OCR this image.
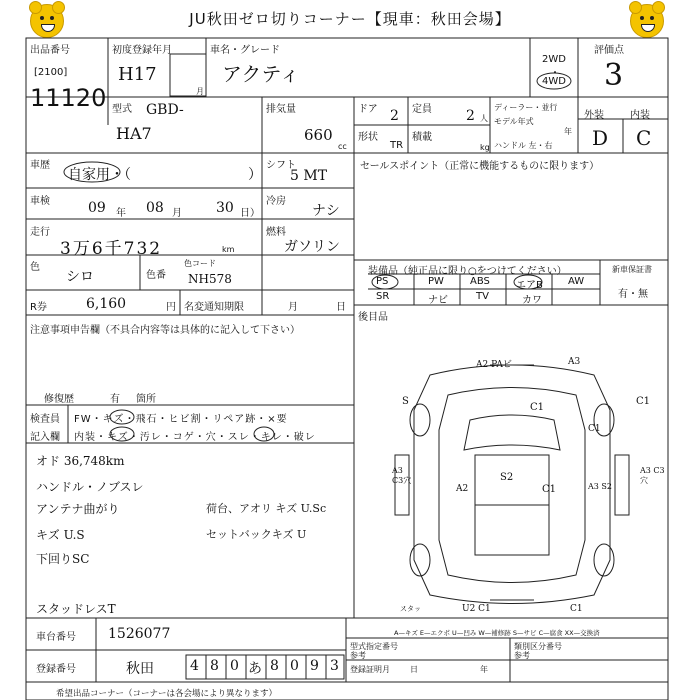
JU秋田ゼロ切りコーナー【現車：秋田会場】
出品番号
[2100]
11120
初度登録年月
H17
月
車名・グレード
アクティ
2WD
・
4WD
評価点
3
型式 GBD-
HA7
排気量
660
cc
ドア 2 定員 2 人
ディーラー・並行
モデル年式
年
ハンドル 左・右
形状
TR
積載
kg
外装	内装
D C
車歴
自家用・（	）
シフト
5 MT
セールスポイント（正常に機能するものに限ります）
車検	09 年 08 月 30 日）
冷房
ナシ
走行
3万6千732	km
燃料
ガソリン
色
シロ	色番
色コード
NH578
装備品（純正品に限り○をつけてください）	新車保証書
有・無
PS	PW	ABS	エアB	AW
SR	ナビ	TV	カワ
R券	6,160	円 名変通知期限	月	日
後目品
注意事項申告欄（不具合内容等は具体的に記入して下さい）
修復歴	有 箇所
検査員
記入欄
FW・キズ・飛石・ヒビ割・リペア跡・×要
内装・キズ・汚レ・コゲ・穴・スレ・キレ・破レ
オド 36,748km
ハンドル・ノブスレ
アンテナ曲がり
キズ U.S
下回りSC
スタッドレスT
荷台、アオリ キズ U.Sc
セットバックキズ U
A2 PAビ	A3
S
C1
C1
C1
A3 C3穴
A2
S2
C1	A3 S2
A3 C3穴
スタッ	U2 C1	C1
A—キズ E—エクボ U—凹み W—補修跡 S—サビ C—腐食 XX—交換済
車台番号 1526077
登録番号	秋田	4 8 0 あ 8 0 9 3
型式指定番号	類別区分番号
参考	参考
登録証明月	日	年
希望出品コーナー（コーナーは各会場により異なります）
